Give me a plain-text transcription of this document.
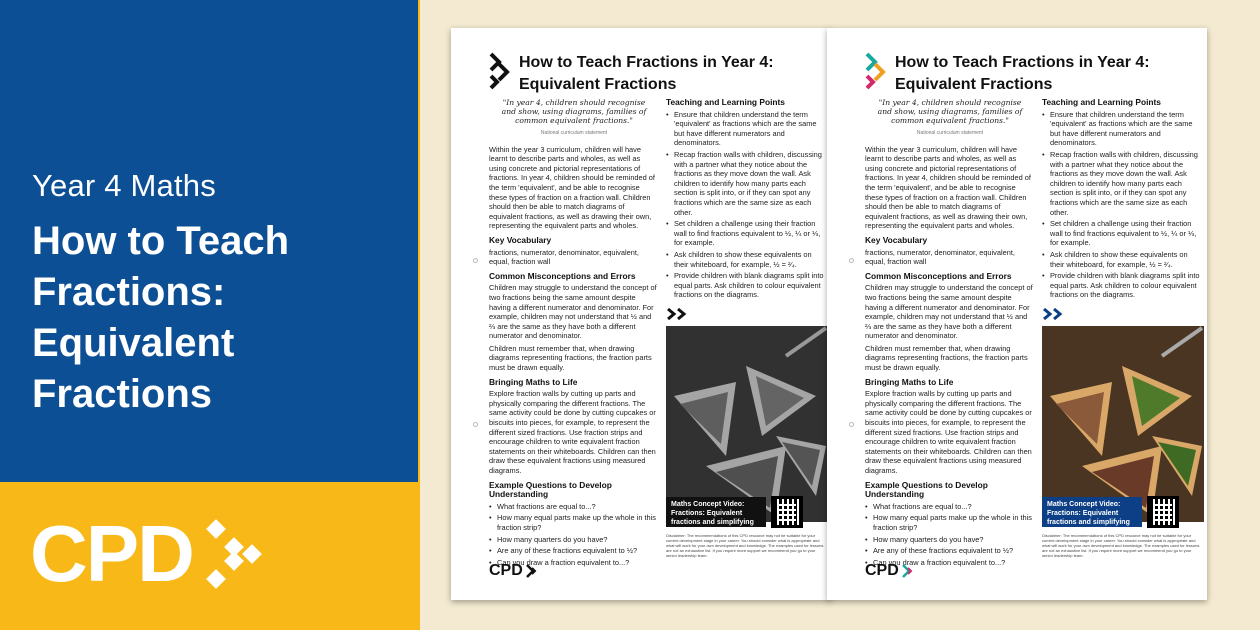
Year 4 Maths
How to Teach Fractions: Equivalent Fractions
CPD
How to Teach Fractions in Year 4: Equivalent Fractions
"In year 4, children should recognise and show, using diagrams, families of common equivalent fractions."
National curriculum statement
Within the year 3 curriculum, children will have learnt to describe parts and wholes, as well as using concrete and pictorial representations of fractions. In year 4, children should be reminded of the term 'equivalent', and be able to recognise these types of fraction on a fraction wall. Children should then be able to match diagrams of equivalent fractions, as well as drawing their own, representing the equivalent parts and wholes.
Key Vocabulary
fractions, numerator, denominator, equivalent, equal, fraction wall
Common Misconceptions and Errors
Children may struggle to understand the concept of two fractions being the same amount despite having a different numerator and denominator. For example, children may not understand that ½ and ⅔ are the same as they have both a different numerator and denominator.
Children must remember that, when drawing diagrams representing fractions, the fraction parts must be drawn equally.
Bringing Maths to Life
Explore fraction walls by cutting up parts and physically comparing the different fractions. The same activity could be done by cutting cupcakes or biscuits into pieces, for example, to represent the different sized fractions. Use fraction strips and encourage children to write equivalent fraction statements on their whiteboards. Children can then draw these equivalent fractions using measured diagrams.
Example Questions to Develop Understanding
• What fractions are equal to...?
• How many equal parts make up the whole in this fraction strip?
• How many quarters do you have?
• Are any of these fractions equivalent to ½?
• Can you draw a fraction equivalent to...?
Teaching and Learning Points
• Ensure that children understand the term 'equivalent' as fractions which are the same but have different numerators and denominators.
• Recap fraction walls with children, discussing with a partner what they notice about the fractions as they move down the wall. Ask children to identify how many parts each section is split into, or if they can spot any fractions which are the same size as each other.
• Set children a challenge using their fraction wall to find fractions equivalent to ½, ¼ or ⅓, for example.
• Ask children to show these equivalents on their whiteboard, for example, ½ = ²⁄₄.
• Provide children with blank diagrams split into equal parts. Ask children to colour equivalent fractions on the diagrams.
Maths Concept Video: Fractions: Equivalent fractions and simplifying
Disclaimer: The recommendations of this CPD resource may not be suitable for your current development stage in your career. You should consider what is appropriate and what will work for your own development and knowledge. The examples used for lessons are not an exhaustive list. If you require more support we recommend you go to your senior leadership team.
CPD
How to Teach Fractions in Year 4: Equivalent Fractions
"In year 4, children should recognise and show, using diagrams, families of common equivalent fractions."
National curriculum statement
Within the year 3 curriculum, children will have learnt to describe parts and wholes, as well as using concrete and pictorial representations of fractions. In year 4, children should be reminded of the term 'equivalent', and be able to recognise these types of fraction on a fraction wall. Children should then be able to match diagrams of equivalent fractions, as well as drawing their own, representing the equivalent parts and wholes.
Key Vocabulary
fractions, numerator, denominator, equivalent, equal, fraction wall
Common Misconceptions and Errors
Children may struggle to understand the concept of two fractions being the same amount despite having a different numerator and denominator. For example, children may not understand that ½ and ⅔ are the same as they have both a different numerator and denominator.
Children must remember that, when drawing diagrams representing fractions, the fraction parts must be drawn equally.
Bringing Maths to Life
Explore fraction walls by cutting up parts and physically comparing the different fractions. The same activity could be done by cutting cupcakes or biscuits into pieces, for example, to represent the different sized fractions. Use fraction strips and encourage children to write equivalent fraction statements on their whiteboards. Children can then draw these equivalent fractions using measured diagrams.
Example Questions to Develop Understanding
• What fractions are equal to...?
• How many equal parts make up the whole in this fraction strip?
• How many quarters do you have?
• Are any of these fractions equivalent to ½?
• Can you draw a fraction equivalent to...?
Teaching and Learning Points
• Ensure that children understand the term 'equivalent' as fractions which are the same but have different numerators and denominators.
• Recap fraction walls with children, discussing with a partner what they notice about the fractions as they move down the wall. Ask children to identify how many parts each section is split into, or if they can spot any fractions which are the same size as each other.
• Set children a challenge using their fraction wall to find fractions equivalent to ½, ¼ or ⅓, for example.
• Ask children to show these equivalents on their whiteboard, for example, ½ = ²⁄₄.
• Provide children with blank diagrams split into equal parts. Ask children to colour equivalent fractions on the diagrams.
Maths Concept Video: Fractions: Equivalent fractions and simplifying
Disclaimer: The recommendations of this CPD resource may not be suitable for your current development stage in your career. You should consider what is appropriate and what will work for your own development and knowledge. The examples used for lessons are not an exhaustive list. If you require more support we recommend you go to your senior leadership team.
CPD
